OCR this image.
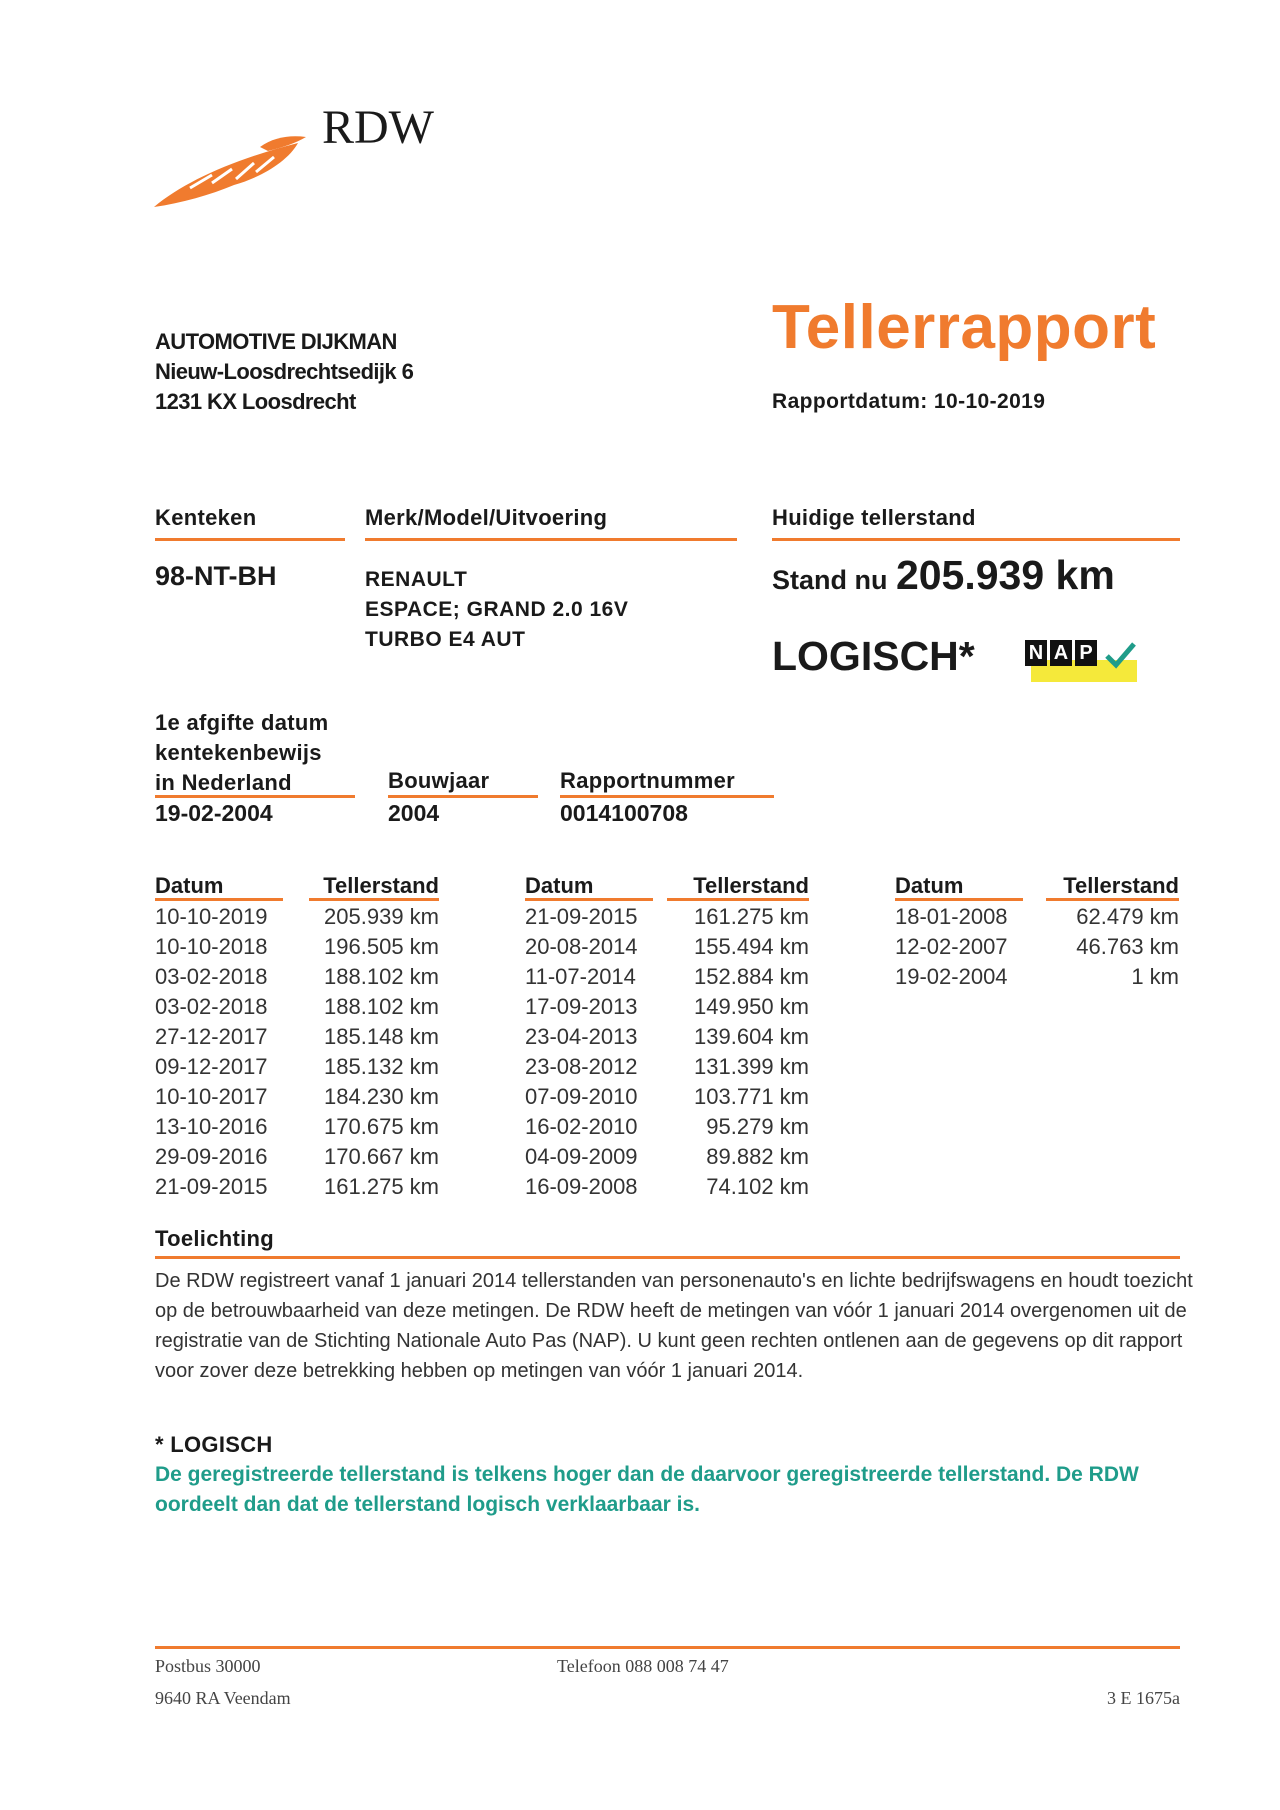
RDW
AUTOMOTIVE DIJKMAN
Nieuw-Loosdrechtsedijk 6
1231 KX Loosdrecht
Tellerrapport
Rapportdatum: 10-10-2019
Kenteken	Merk/Model/Uitvoering	Huidige tellerstand
98-NT-BH	RENAULT
ESPACE; GRAND 2.0 16V
TURBO E4 AUT
Stand nu 205.939 km
LOGISCH*	N A P
1e afgifte datum
kentekenbewijs
in Nederland	Bouwjaar	Rapportnummer
19-02-2004	2004	0014100708
Datum	Tellerstand	Datum	Tellerstand	Datum	Tellerstand
10-10-2019	205.939 km
10-10-2018	196.505 km
03-02-2018	188.102 km
03-02-2018	188.102 km
27-12-2017	185.148 km
09-12-2017	185.132 km
10-10-2017	184.230 km
13-10-2016	170.675 km
29-09-2016	170.667 km
21-09-2015	161.275 km
21-09-2015	161.275 km
20-08-2014	155.494 km
11-07-2014	152.884 km
17-09-2013	149.950 km
23-04-2013	139.604 km
23-08-2012	131.399 km
07-09-2010	103.771 km
16-02-2010	95.279 km
04-09-2009	89.882 km
16-09-2008	74.102 km
18-01-2008	62.479 km
12-02-2007	46.763 km
19-02-2004	1 km
Toelichting
De RDW registreert vanaf 1 januari 2014 tellerstanden van personenauto's en lichte bedrijfswagens en houdt toezicht op de betrouwbaarheid van deze metingen. De RDW heeft de metingen van vóór 1 januari 2014 overgenomen uit de registratie van de Stichting Nationale Auto Pas (NAP). U kunt geen rechten ontlenen aan de gegevens op dit rapport voor zover deze betrekking hebben op metingen van vóór 1 januari 2014.
* LOGISCH
De geregistreerde tellerstand is telkens hoger dan de daarvoor geregistreerde tellerstand. De RDW oordeelt dan dat de tellerstand logisch verklaarbaar is.
Postbus 30000
9640 RA Veendam
Telefoon 088 008 74 47
3 E 1675a
